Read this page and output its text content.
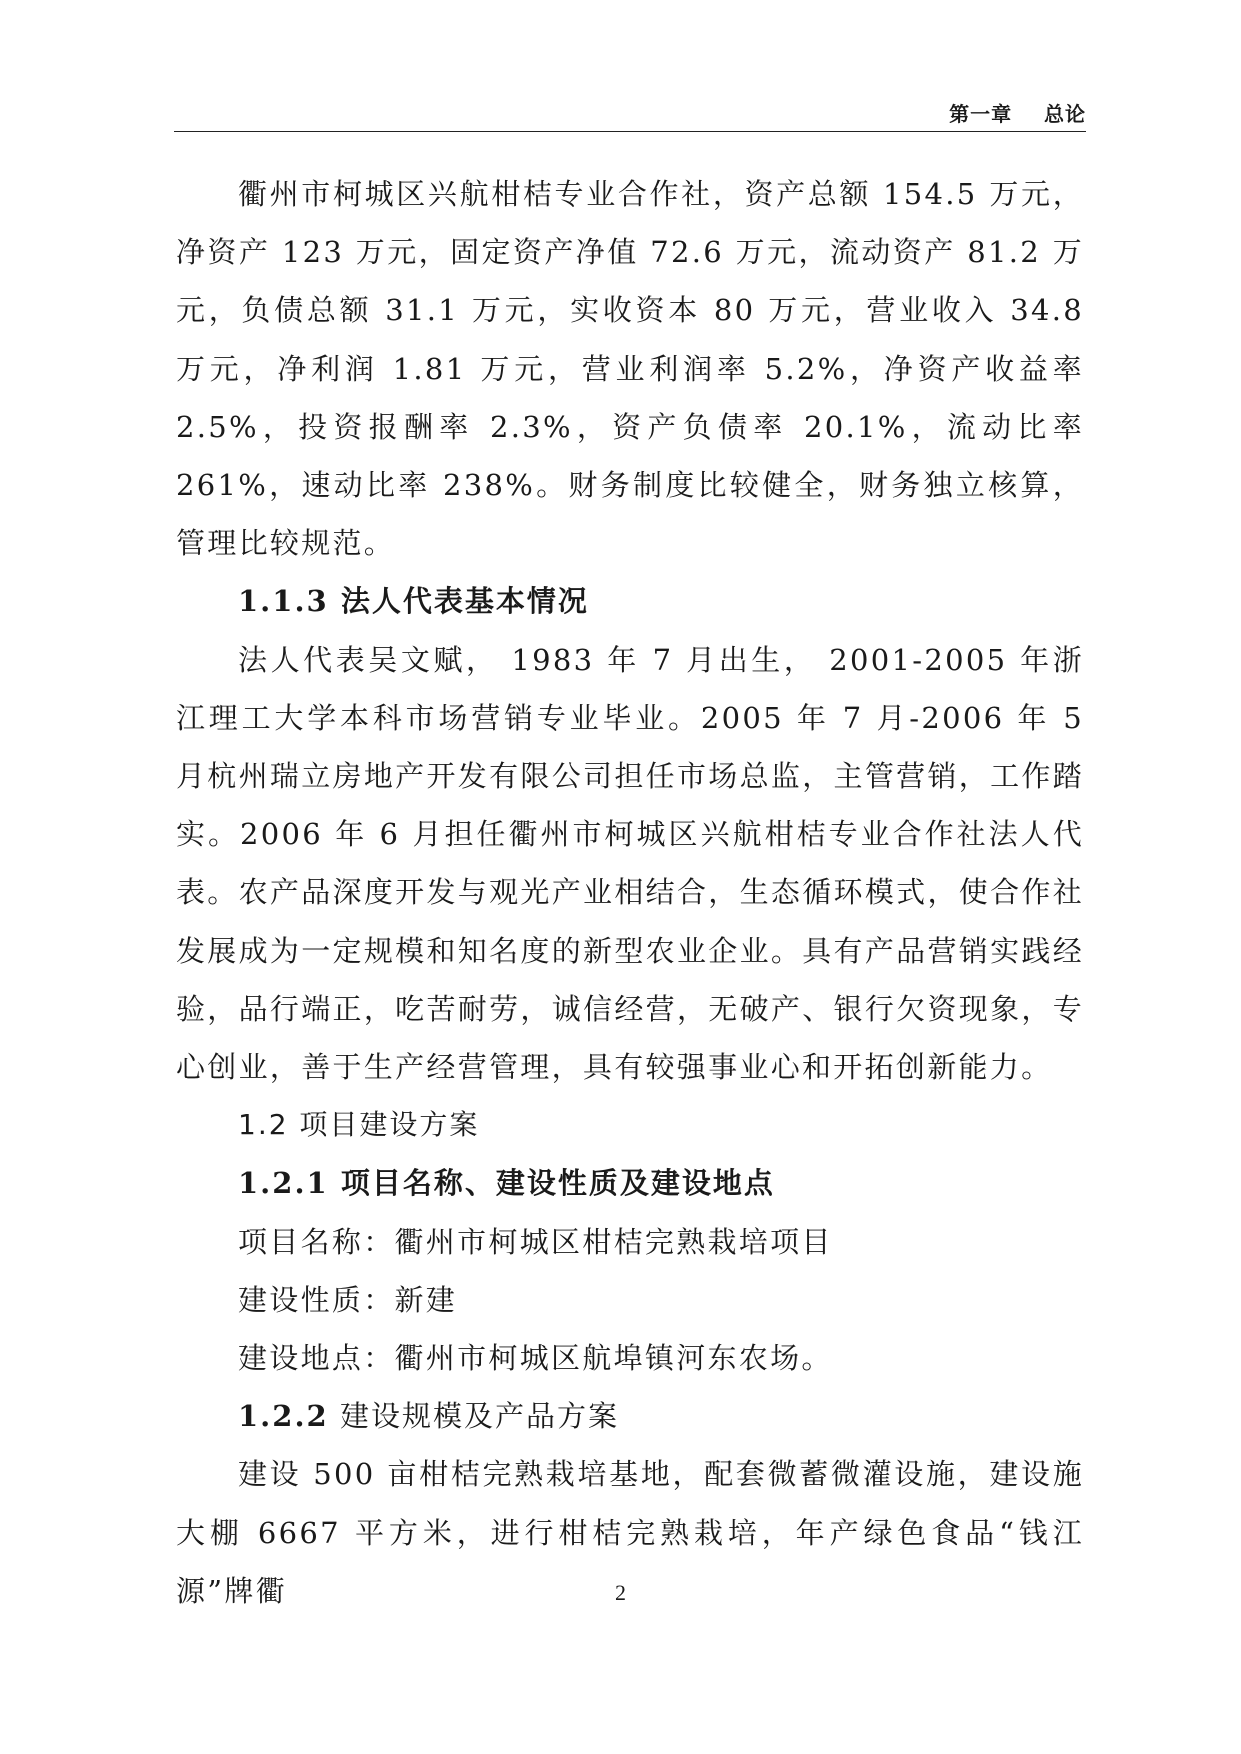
第一章    总论

衢州市柯城区兴航柑桔专业合作社，资产总额 154.5 万元，净资产 123 万元，固定资产净值 72.6 万元，流动资产 81.2 万元，负债总额 31.1 万元，实收资本 80 万元，营业收入 34.8 万元，净利润 1.81 万元，营业利润率 5.2%，净资产收益率 2.5%，投资报酬率 2.3%，资产负债率 20.1%，流动比率 261%，速动比率 238%。财务制度比较健全，财务独立核算，管理比较规范。

1.1.3 法人代表基本情况

法人代表吴文赋， 1983 年 7 月出生， 2001-2005 年浙江理工大学本科市场营销专业毕业。2005 年 7 月-2006 年 5 月杭州瑞立房地产开发有限公司担任市场总监，主管营销，工作踏实。2006 年 6 月担任衢州市柯城区兴航柑桔专业合作社法人代表。农产品深度开发与观光产业相结合，生态循环模式，使合作社发展成为一定规模和知名度的新型农业企业。具有产品营销实践经验，品行端正，吃苦耐劳，诚信经营，无破产、银行欠资现象，专心创业，善于生产经营管理，具有较强事业心和开拓创新能力。

1.2 项目建设方案

1.2.1 项目名称、建设性质及建设地点

项目名称：衢州市柯城区柑桔完熟栽培项目

建设性质：新建

建设地点：衢州市柯城区航埠镇河东农场。

1.2.2 建设规模及产品方案

建设 500 亩柑桔完熟栽培基地，配套微蓄微灌设施，建设施大棚 6667 平方米，进行柑桔完熟栽培，年产绿色食品“钱江源”牌衢	2
